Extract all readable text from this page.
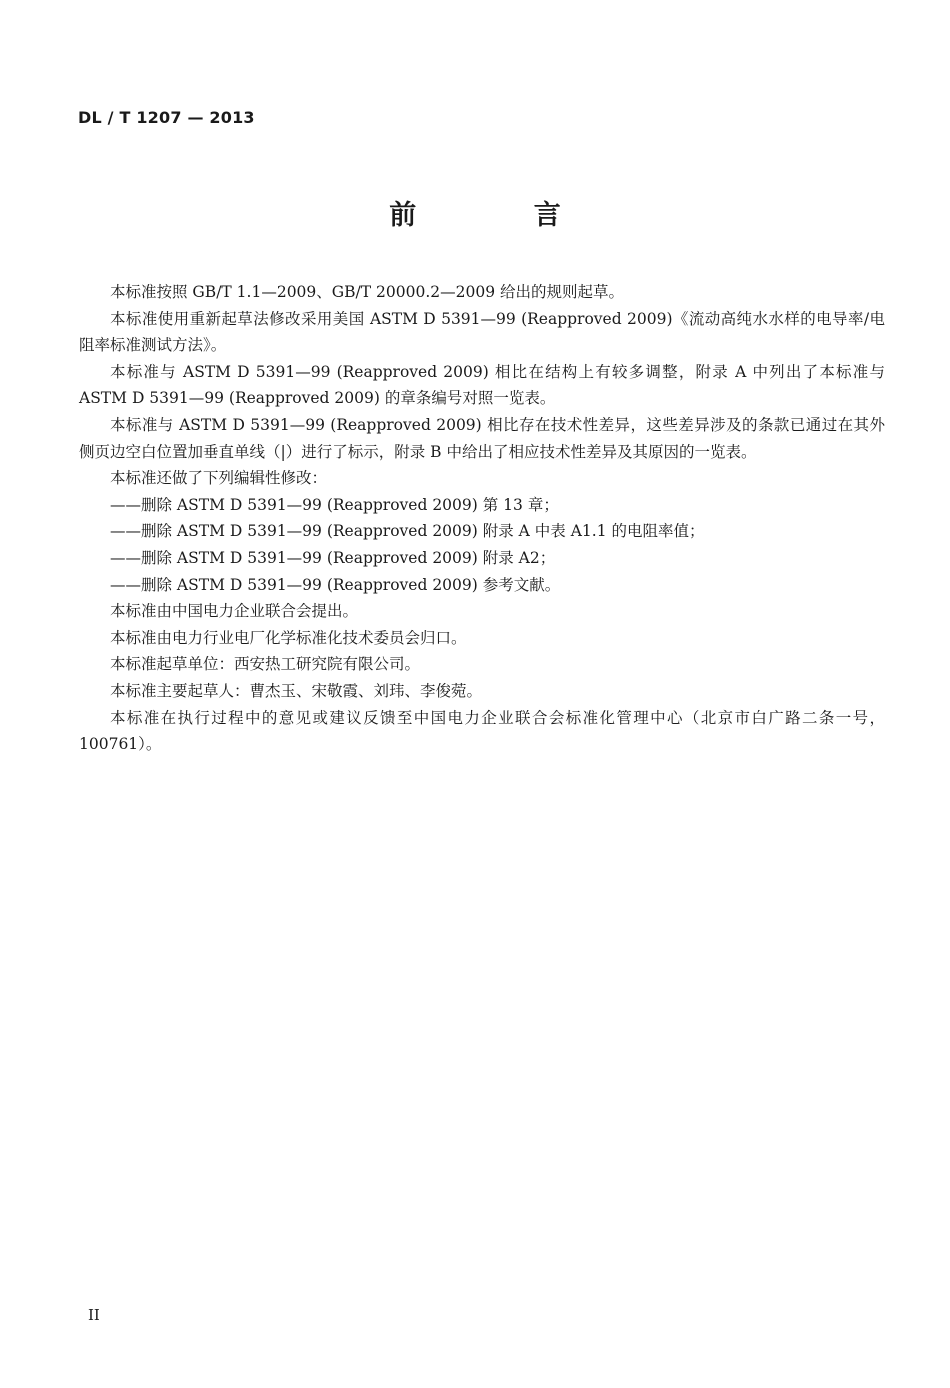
DL / T 1207 — 2013
前 言

本标准按照 GB/T 1.1—2009、GB/T 20000.2—2009 给出的规则起草。

本标准使用重新起草法修改采用美国 ASTM D 5391—99 (Reapproved 2009)《流动高纯水水样的电导率/电阻率标准测试方法》。

本标准与 ASTM D 5391—99 (Reapproved 2009) 相比在结构上有较多调整，附录 A 中列出了本标准与 ASTM D 5391—99 (Reapproved 2009) 的章条编号对照一览表。

本标准与 ASTM D 5391—99 (Reapproved 2009) 相比存在技术性差异，这些差异涉及的条款已通过在其外侧页边空白位置加垂直单线（|）进行了标示，附录 B 中给出了相应技术性差异及其原因的一览表。

本标准还做了下列编辑性修改：

——删除 ASTM D 5391—99 (Reapproved 2009) 第 13 章；

——删除 ASTM D 5391—99 (Reapproved 2009) 附录 A 中表 A1.1 的电阻率值；

——删除 ASTM D 5391—99 (Reapproved 2009) 附录 A2；

——删除 ASTM D 5391—99 (Reapproved 2009) 参考文献。

本标准由中国电力企业联合会提出。

本标准由电力行业电厂化学标准化技术委员会归口。

本标准起草单位：西安热工研究院有限公司。

本标准主要起草人：曹杰玉、宋敬霞、刘玮、李俊菀。

本标准在执行过程中的意见或建议反馈至中国电力企业联合会标准化管理中心（北京市白广路二条一号，100761）。

II
